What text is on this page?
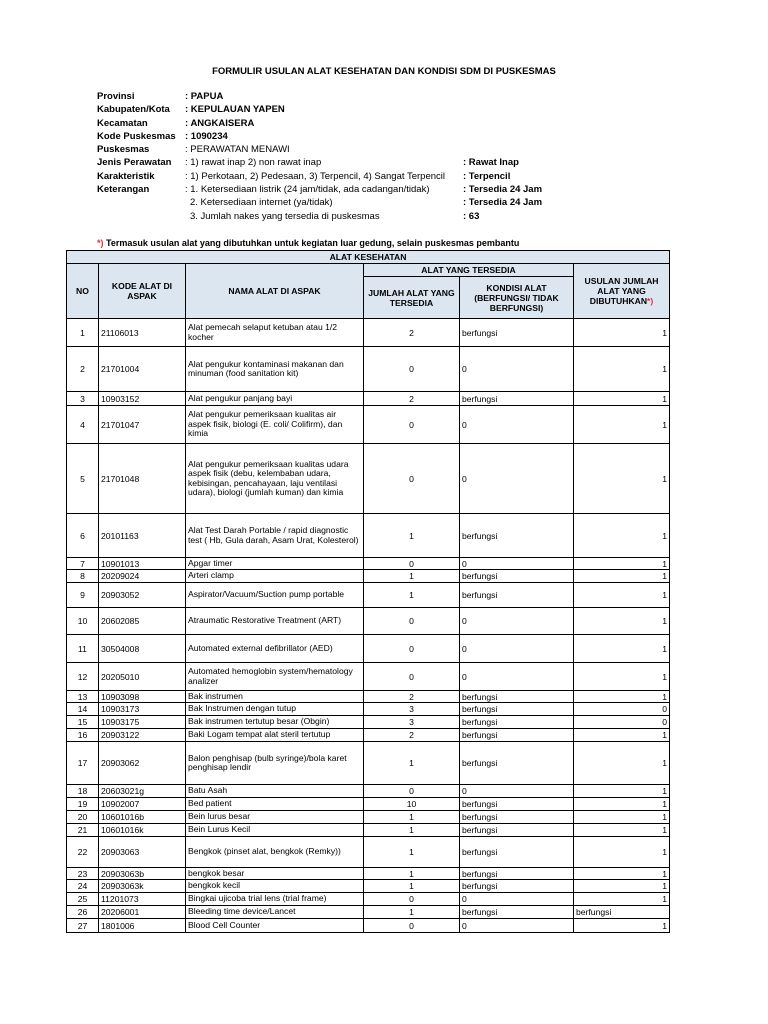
FORMULIR USULAN ALAT KESEHATAN DAN KONDISI SDM DI PUSKESMAS
Provinsi	: PAPUA
Kabupaten/Kota : KEPULAUAN YAPEN
Kecamatan	: ANGKAISERA
Kode Puskesmas : 1090234
Puskesmas	: PERAWATAN MENAWI
Jenis Perawatan : 1) rawat inap 2) non rawat inap	: Rawat Inap
Karakteristik	: 1) Perkotaan, 2) Pedesaan, 3) Terpencil, 4) Sangat Terpencil : Terpencil
Keterangan	: 1. Ketersediaan listrik (24 jam/tidak, ada cadangan/tidak)	: Tersedia 24 Jam
2. Ketersediaan internet (ya/tidak)	: Tersedia 24 Jam
3. Jumlah nakes yang tersedia di puskesmas	: 63
*) Termasuk usulan alat yang dibutuhkan untuk kegiatan luar gedung, selain puskesmas pembantu
ALAT KESEHATAN					
NO	KODE ALAT DI ASPAK	NAMA ALAT DI ASPAK	ALAT YANG TERSEDIA		USULAN JUMLAH ALAT YANG DIBUTUHKAN*)
			JUMLAH ALAT YANG TERSEDIA	KONDISI ALAT (BERFUNGSI/ TIDAK BERFUNGSI)	
1	21106013	Alat pemecah selaput ketuban atau 1/2 kocher	2	berfungsi	1
2	21701004	Alat pengukur kontaminasi makanan dan minuman (food sanitation kit)	0	0	1
3	10903152	Alat pengukur panjang bayi	2	berfungsi	1
4	21701047	Alat pengukur pemeriksaan kualitas air aspek fisik, biologi (E. coli/ Colifirm), dan kimia	0	0	1
5	21701048	Alat pengukur pemeriksaan kualitas udara aspek fisik (debu, kelembaban udara, kebisingan, pencahayaan, laju ventilasi udara), biologi (jumlah kuman) dan kimia	0	0	1
6	20101163	Alat Test Darah Portable / rapid diagnostic test ( Hb, Gula darah, Asam Urat, Kolesterol)	1	berfungsi	1
7	10901013	Apgar timer	0	0	1
8	20209024	Arteri clamp	1	berfungsi	1
9	20903052	Aspirator/Vacuum/Suction pump portable	1	berfungsi	1
10	20602085	Atraumatic Restorative Treatment (ART)	0	0	1
11	30504008	Automated external defibrillator (AED)	0	0	1
12	20205010	Automated hemoglobin system/hematology analizer	0	0	1
13	10903098	Bak instrumen	2	berfungsi	1
14	10903173	Bak Instrumen dengan tutup	3	berfungsi	0
15	10903175	Bak instrumen tertutup besar (Obgin)	3	berfungsi	0
16	20903122	Baki Logam tempat alat steril tertutup	2	berfungsi	1
17	20903062	Balon penghisap (bulb syringe)/bola karet penghisap lendir	1	berfungsi	1
18	20603021g	Batu Asah	0	0	1
19	10902007	Bed patient	10	berfungsi	1
20	10601016b	Bein lurus besar	1	berfungsi	1
21	10601016k	Bein Lurus Kecil	1	berfungsi	1
22	20903063	Bengkok (pinset alat, bengkok (Remky))	1	berfungsi	1
23	20903063b	bengkok besar	1	berfungsi	1
24	20903063k	bengkok kecil	1	berfungsi	1
25	11201073	Bingkai ujicoba trial lens (trial frame)	0	0	1
26	20206001	Bleeding time device/Lancet	1	berfungsi	berfungsi
27	1801006	Blood Cell Counter	0	0	1
